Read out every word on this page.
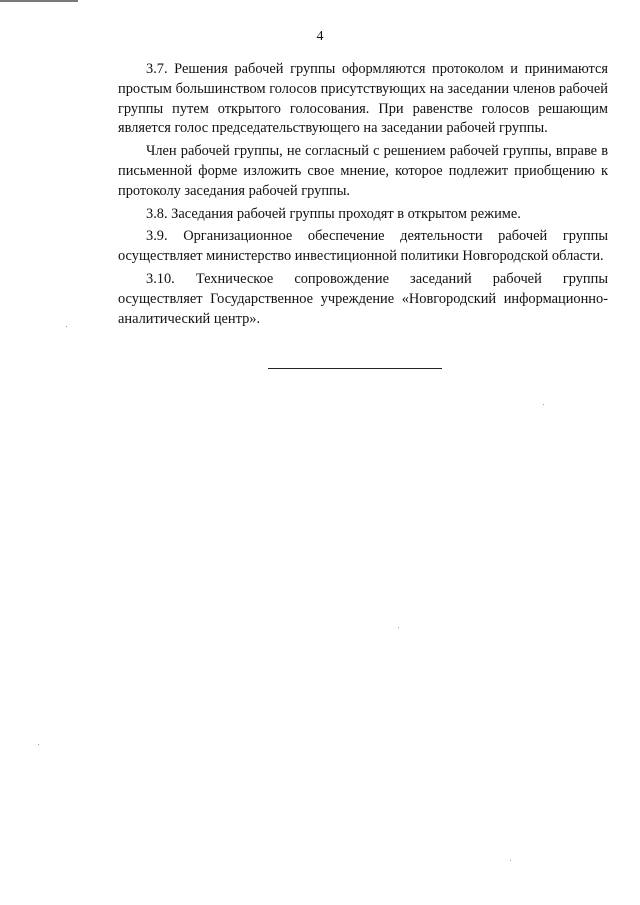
4

3.7. Решения рабочей группы оформляются протоколом и принимаются простым большинством голосов присутствующих на заседании членов рабочей группы путем открытого голосования. При равенстве голосов решающим является голос председательствующего на заседании рабочей группы.

Член рабочей группы, не согласный с решением рабочей группы, вправе в письменной форме изложить свое мнение, которое подлежит приобщению к протоколу заседания рабочей группы.

3.8. Заседания рабочей группы проходят в открытом режиме.

3.9. Организационное обеспечение деятельности рабочей группы осуществляет министерство инвестиционной политики Новгородской области.

3.10. Техническое сопровождение заседаний рабочей группы осуществляет Государственное учреждение «Новгородский информационно-аналитический центр».
